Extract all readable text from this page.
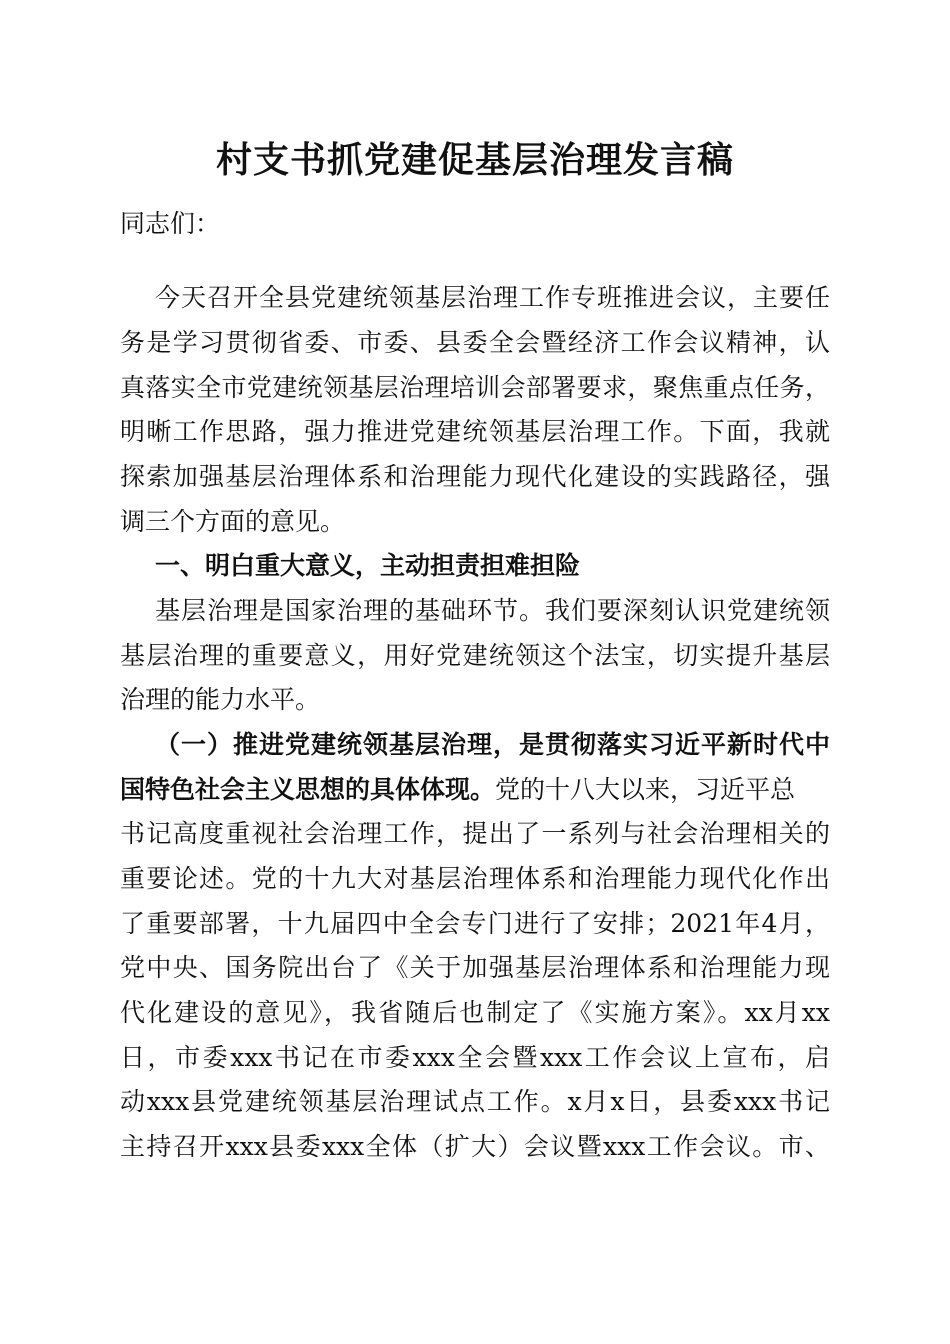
村支书抓党建促基层治理发言稿
同志们：
今天召开全县党建统领基层治理工作专班推进会议，主要任
务是学习贯彻省委、市委、县委全会暨经济工作会议精神，认
真落实全市党建统领基层治理培训会部署要求，聚焦重点任务，
明晰工作思路，强力推进党建统领基层治理工作。下面，我就
探索加强基层治理体系和治理能力现代化建设的实践路径，强
调三个方面的意见。
一、明白重大意义，主动担责担难担险
基层治理是国家治理的基础环节。我们要深刻认识党建统领
基层治理的重要意义，用好党建统领这个法宝，切实提升基层
治理的能力水平。
（一）推进党建统领基层治理，是贯彻落实习近平新时代中
国特色社会主义思想的具体体现。党的十八大以来，习近平总
书记高度重视社会治理工作，提出了一系列与社会治理相关的
重要论述。党的十九大对基层治理体系和治理能力现代化作出
了重要部署，十九届四中全会专门进行了安排；2021年4月，
党中央、国务院出台了《关于加强基层治理体系和治理能力现
代化建设的意见》，我省随后也制定了《实施方案》。xx月xx
日，市委xxx书记在市委xxx全会暨xxx工作会议上宣布，启
动xxx县党建统领基层治理试点工作。x月x日，县委xxx书记
主持召开xxx县委xxx全体（扩大）会议暨xxx工作会议。市、
